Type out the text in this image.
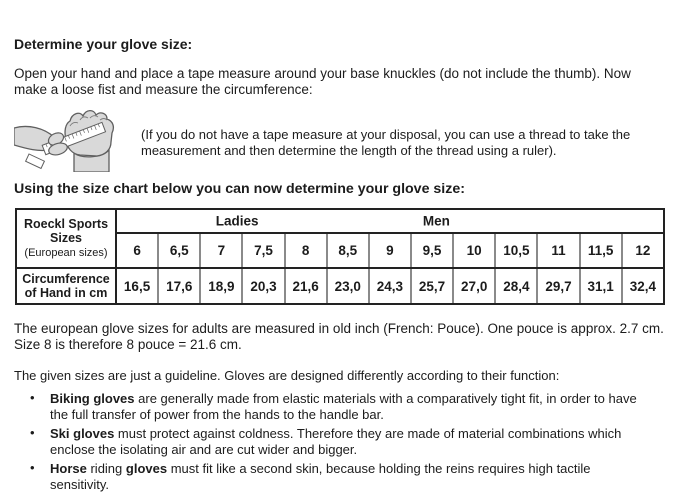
Determine your glove size:
Open your hand and place a tape measure around your base knuckles (do not include the thumb). Now make a loose fist and measure the circumference:
(If you do not have a tape measure at your disposal, you can use a thread to take the measurement and then determine the length of the thread using a ruler).
Using the size chart below you can now determine your glove size:
Roeckl Sports Sizes
(European sizes)

Ladies	Men

	6	6,5	7	7,5	8	8,5	9	9,5	10	10,5	11	11,5	12
Circumference of Hand in cm	16,5	17,6	18,9	20,3	21,6	23,0	24,3	25,7	27,0	28,4	29,7	31,1	32,4
The european glove sizes for adults are measured in old inch (French: Pouce). One pouce is approx. 2.7 cm.
Size 8 is therefore 8 pouce = 21.6 cm.
The given sizes are just a guideline. Gloves are designed differently according to their function:
• Biking gloves are generally made from elastic materials with a comparatively tight fit, in order to have the full transfer of power from the hands to the handle bar.
• Ski gloves must protect against coldness. Therefore they are made of material combinations which enclose the isolating air and are cut wider and bigger.
• Horse riding gloves must fit like a second skin, because holding the reins requires high tactile sensitivity.
